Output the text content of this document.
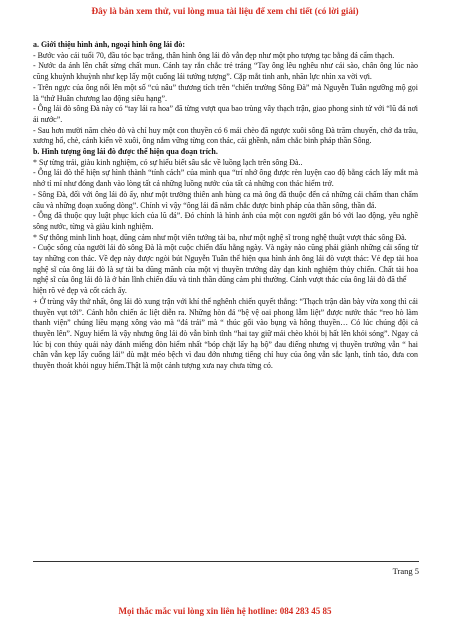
Đây là bản xem thử, vui lòng mua tài liệu để xem chi tiết (có lời giải)

a. Giới thiệu hình ảnh, ngoại hình ông lái đò:

- Bước vào cái tuổi 70, đầu tóc bạc trắng, thân hình ông lái đò vẫn đẹp như một pho tượng tạc bằng đá cẩm thạch.

- Nước da ánh lên chất sừng chất mun. Cánh tay rắn chắc trẻ tráng “Tay ông lêu nghêu như cái sào, chân ông lúc nào cũng khuỳnh khuỳnh như kẹp lấy một cuống lái tưởng tượng”. Cặp mắt tinh anh, nhãn lực nhìn xa vời vợi.

- Trên ngực của ông nổi lên một số “củ nâu” thương tích trên “chiến trường Sông Đà” mà Nguyễn Tuân ngưỡng mộ gọi là “thứ Huân chương lao động siêu hạng”.

- Ông lái đò sông Đà này có “tay lái ra hoa” đã từng vượt qua bao trùng vây thạch trận, giao phong sinh tử với “lũ đá nơi ải nước”.

- Sau hơn mười năm chèo đò và chỉ huy một con thuyền có 6 mái chèo đã ngược xuôi sông Đà trăm chuyến, chở đa trâu, xương hổ, chè, cánh kiến về xuôi, ông nắm vững từng con thác, cái ghềnh, nắm chắc binh pháp thần Sông.

b. Hình tượng ông lái đò được thể hiện qua đoạn trích.

* Sự từng trải, giàu kinh nghiệm, có sự hiểu biết sâu sắc về luồng lạch trên sông Đà..

- Ông lái đò thể hiện sự hình thành “tính cách” của mình qua “trí nhớ ông được rèn luyện cao độ bằng cách lấy mắt mà nhớ tỉ mỉ như đóng đanh vào lòng tất cả những luồng nước của tất cả những con thác hiểm trở.

- Sông Đà, đối với ông lái đò ấy, như một trường thiên anh hùng ca mà ông đã thuộc đến cả những cái chấm than chấm câu và những đoạn xuống dòng”. Chính vì vậy “ông lái đã nắm chắc được binh pháp của thần sông, thần đá.

- Ông đã thuộc quy luật phục kích của lũ đá”. Đó chính là hình ảnh của một con người gắn bó với lao động, yêu nghề sông nước, từng và giàu kinh nghiệm.

* Sự thông minh linh hoạt, dũng cảm như một viên tướng tài ba, như một nghệ sĩ trong nghệ thuật vượt thác sông Đà.

- Cuộc sống của người lái đò sông Đà là một cuộc chiến đấu hằng ngày. Và ngày nào cũng phải giành những cái sống từ tay những con thác. Về đẹp này được ngòi bút Nguyễn Tuân thể hiện qua hình ảnh ông lái đò vượt thác: Vẻ đẹp tài hoa nghệ sĩ của ông lái đò là sự tài ba dũng mãnh của một vị thuyền trưởng dày dạn kinh nghiệm thủy chiến. Chất tài hoa nghệ sĩ của ông lái đò là ở bản lĩnh chiến đấu và tinh thần dũng cảm phi thường. Cảnh vượt thác của ông lái đò đã thể

hiện rõ vẻ đẹp và cốt cách ấy.

+ Ở trùng vây thứ nhất, ông lái đò xung trận với khí thế nghênh chiến quyết thắng: “Thạch trận dàn bày vừa xong thì cái thuyền vụt tới”. Cảnh hỗn chiến ác liệt diễn ra. Những hòn đá “bệ vệ oai phong lẫm liệt” được nước thác “reo hò làm thanh viện” chúng liều mạng xông vào mà “đá trái” mà “ thúc gối vào bụng và hông thuyền… Có lúc chúng đội cả thuyền lên”. Nguy hiểm là vậy nhưng ông lái đò vẫn bình tĩnh “hai tay giữ mái chèo khỏi bị hất lên khỏi sóng”. Ngay cả lúc bị con thủy quái này đánh miếng đòn hiểm nhất “bóp chặt lấy hạ bộ” đau điếng nhưng vị thuyền trưởng vẫn “ hai chân vẫn kẹp lấy cuống lái” dù mặt méo bệch vì đau đớn nhưng tiếng chỉ huy của ông vẫn sắc lạnh, tỉnh táo, đưa con thuyền thoát khỏi nguy hiểm.Thật là một cảnh tượng xưa nay chưa từng có.

Trang 5
Mọi thắc mắc vui lòng xin liên hệ hotline: 084 283 45 85
